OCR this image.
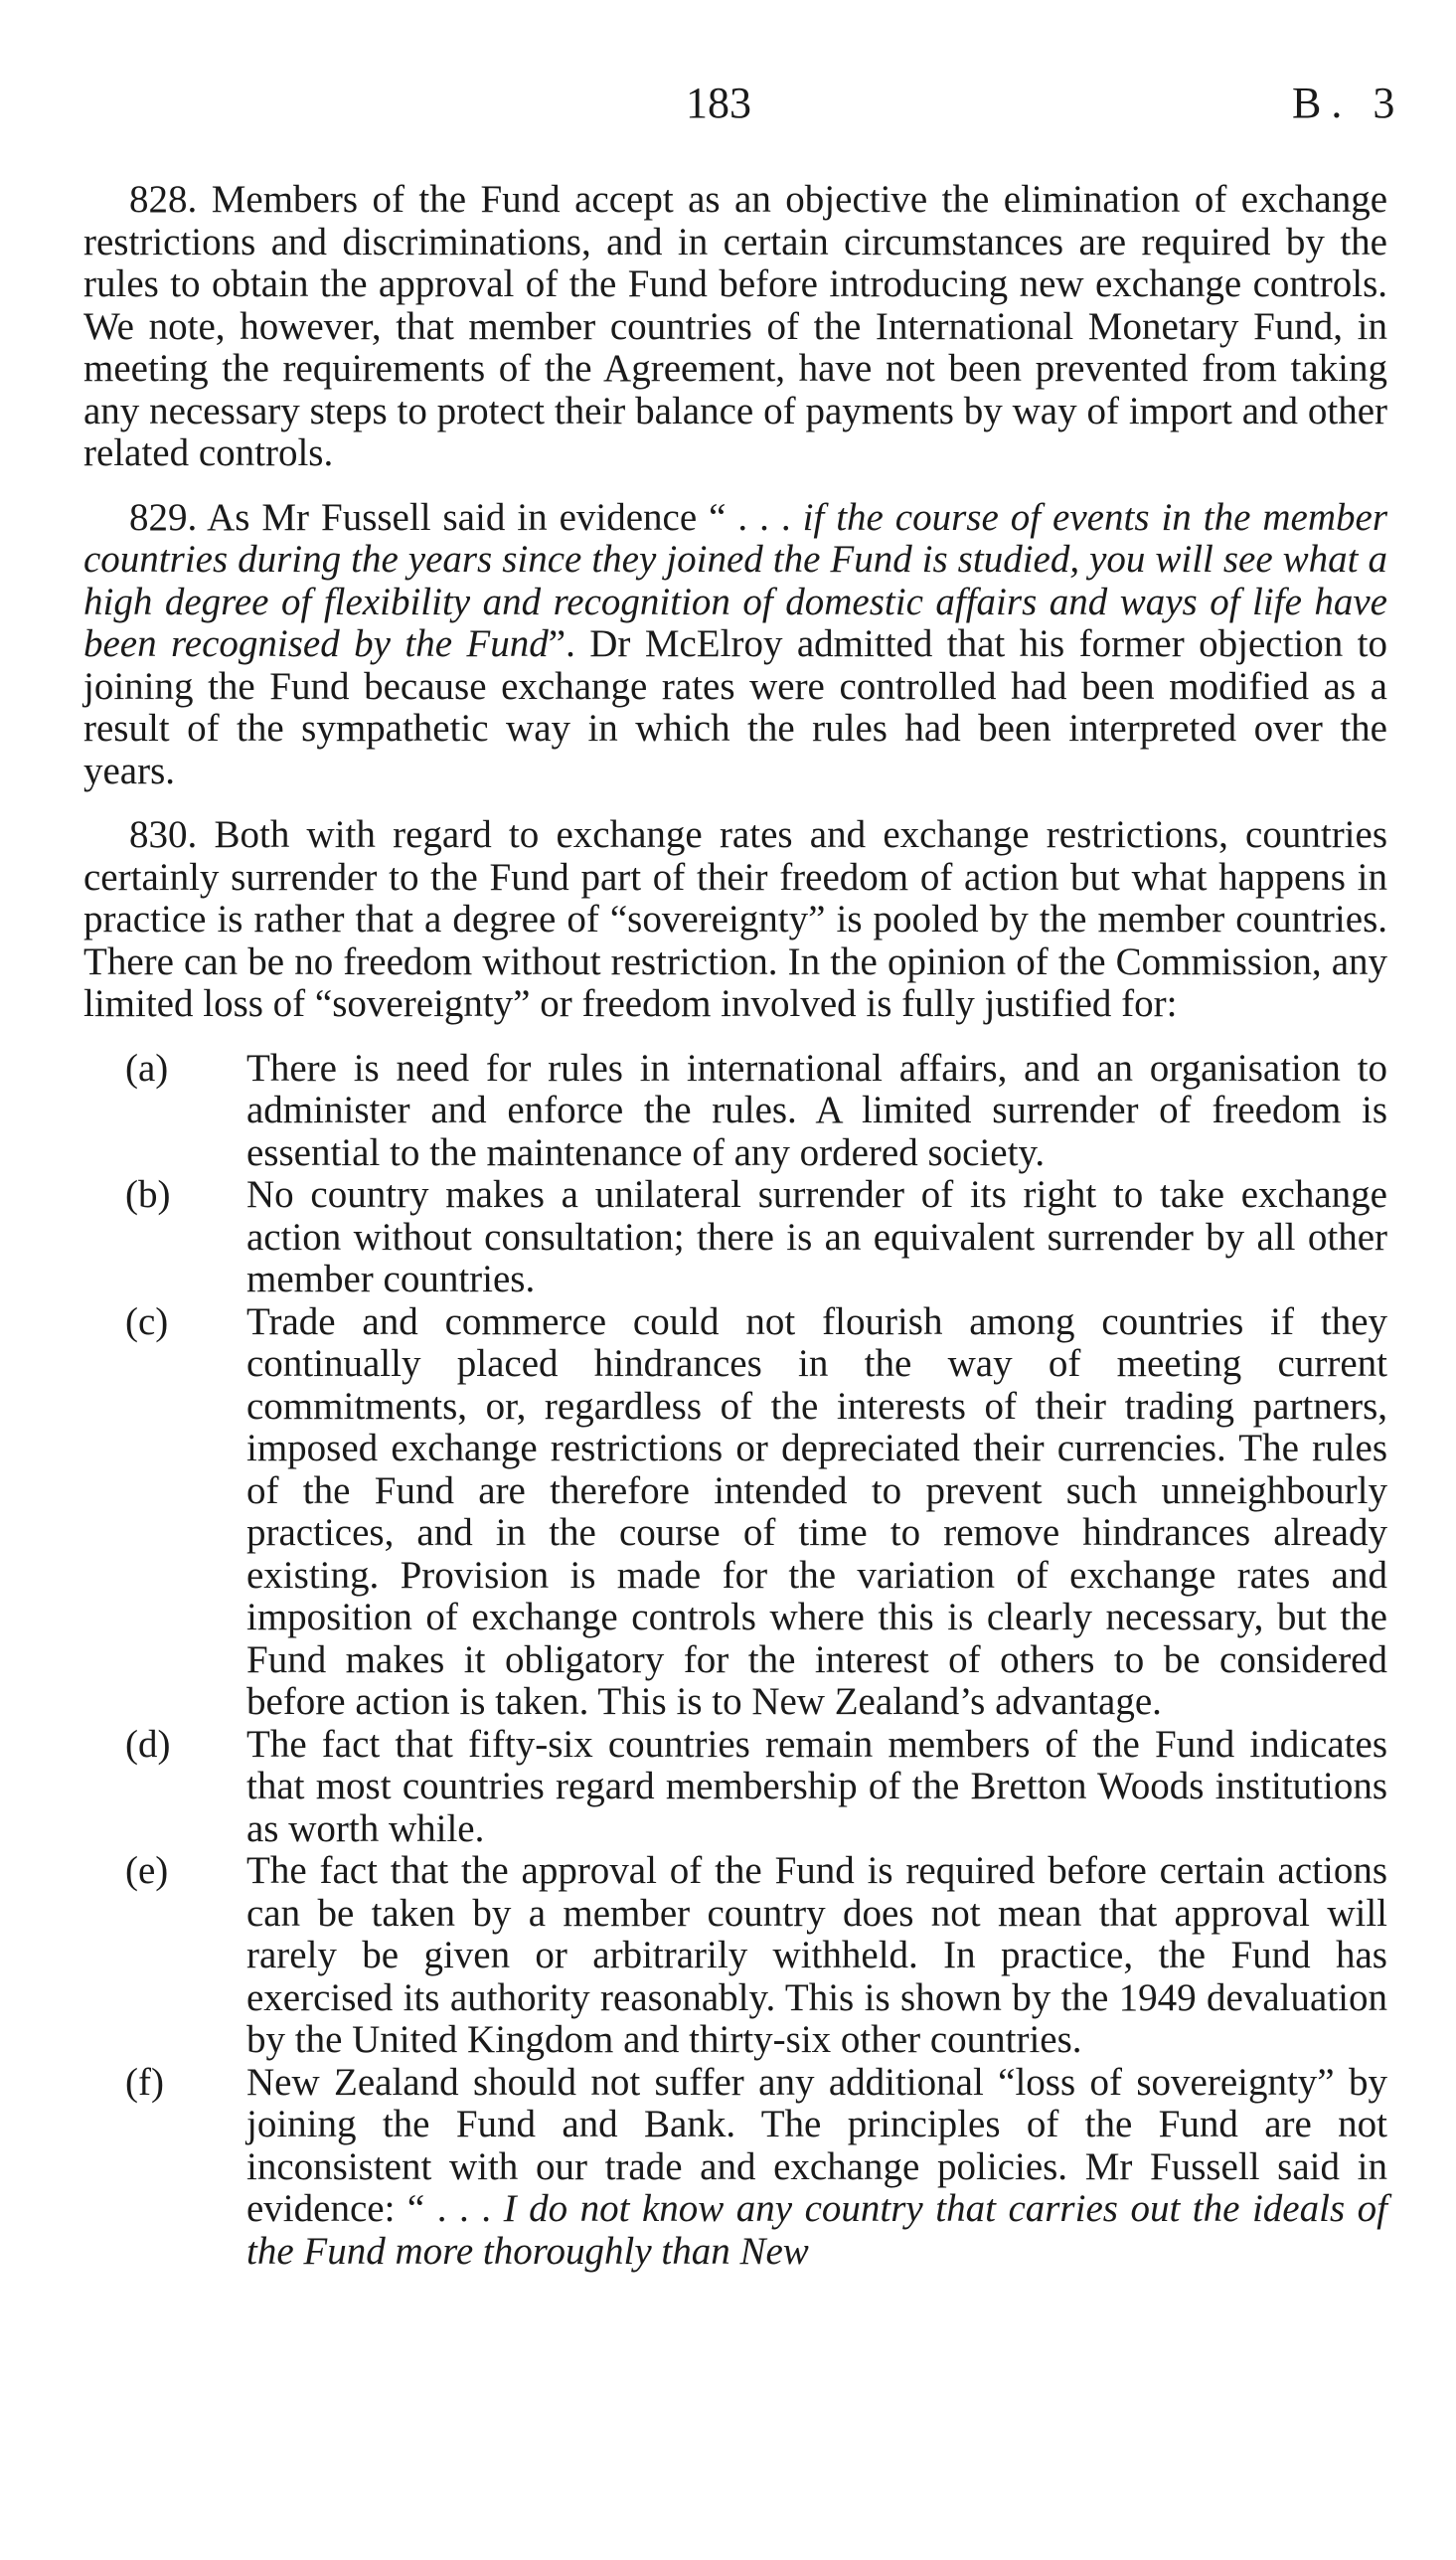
183	B. 3

828. Members of the Fund accept as an objective the elimination of exchange restrictions and discriminations, and in certain circumstances are required by the rules to obtain the approval of the Fund before introducing new exchange controls. We note, however, that member countries of the International Monetary Fund, in meeting the requirements of the Agreement, have not been prevented from taking any necessary steps to protect their balance of payments by way of import and other related controls.

829. As Mr Fussell said in evidence “ . . . if the course of events in the member countries during the years since they joined the Fund is studied, you will see what a high degree of flexibility and recognition of domestic affairs and ways of life have been recognised by the Fund”. Dr McElroy admitted that his former objection to joining the Fund because exchange rates were controlled had been modified as a result of the sympathetic way in which the rules had been interpreted over the years.

830. Both with regard to exchange rates and exchange restrictions, countries certainly surrender to the Fund part of their freedom of action but what happens in practice is rather that a degree of “sovereignty” is pooled by the member countries. There can be no freedom without restriction. In the opinion of the Commission, any limited loss of “sovereignty” or freedom involved is fully justified for:

(a)	There is need for rules in international affairs, and an organisation to administer and enforce the rules. A limited surrender of freedom is essential to the maintenance of any ordered society.
(b)	No country makes a unilateral surrender of its right to take exchange action without consultation; there is an equivalent surrender by all other member countries.
(c)	Trade and commerce could not flourish among countries if they continually placed hindrances in the way of meeting current commitments, or, regardless of the interests of their trading partners, imposed exchange restrictions or depreciated their currencies. The rules of the Fund are therefore intended to prevent such unneighbourly practices, and in the course of time to remove hindrances already existing. Provision is made for the variation of exchange rates and imposition of exchange controls where this is clearly necessary, but the Fund makes it obligatory for the interest of others to be considered before action is taken. This is to New Zealand’s advantage.
(d)	The fact that fifty-six countries remain members of the Fund indicates that most countries regard membership of the Bretton Woods institutions as worth while.
(e)	The fact that the approval of the Fund is required before certain actions can be taken by a member country does not mean that approval will rarely be given or arbitrarily withheld. In practice, the Fund has exercised its authority reasonably. This is shown by the 1949 devaluation by the United Kingdom and thirty-six other countries.
(f)	New Zealand should not suffer any additional “loss of sovereignty” by joining the Fund and Bank. The principles of the Fund are not inconsistent with our trade and exchange policies. Mr Fussell said in evidence: “ . . . I do not know any country that carries out the ideals of the Fund more thoroughly than New
